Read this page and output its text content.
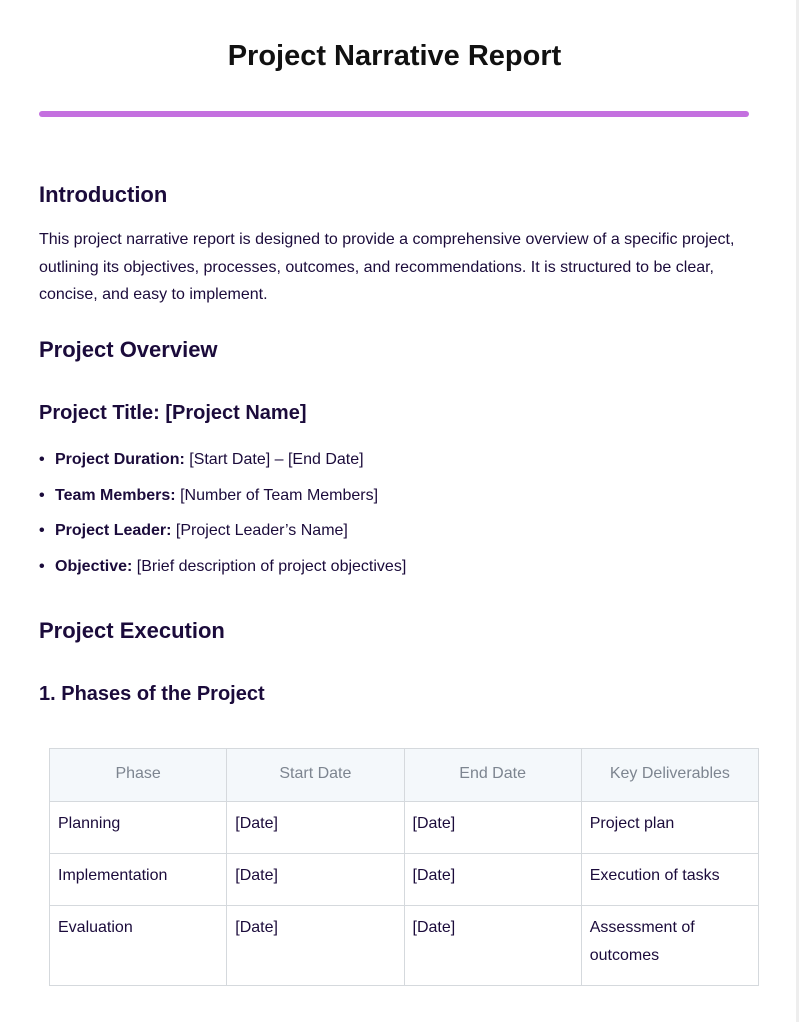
Project Narrative Report
Introduction

This project narrative report is designed to provide a comprehensive overview of a specific project, outlining its objectives, processes, outcomes, and recommendations. It is structured to be clear, concise, and easy to implement.

Project Overview
Project Title: [Project Name]
• Project Duration: [Start Date] – [End Date]
• Team Members: [Number of Team Members]
• Project Leader: [Project Leader’s Name]
• Objective: [Brief description of project objectives]
Project Execution
1. Phases of the Project
Phase	Start Date	End Date	Key Deliverables
Planning	[Date]	[Date]	Project plan
Implementation	[Date]	[Date]	Execution of tasks
Evaluation	[Date]	[Date]	Assessment of outcomes
